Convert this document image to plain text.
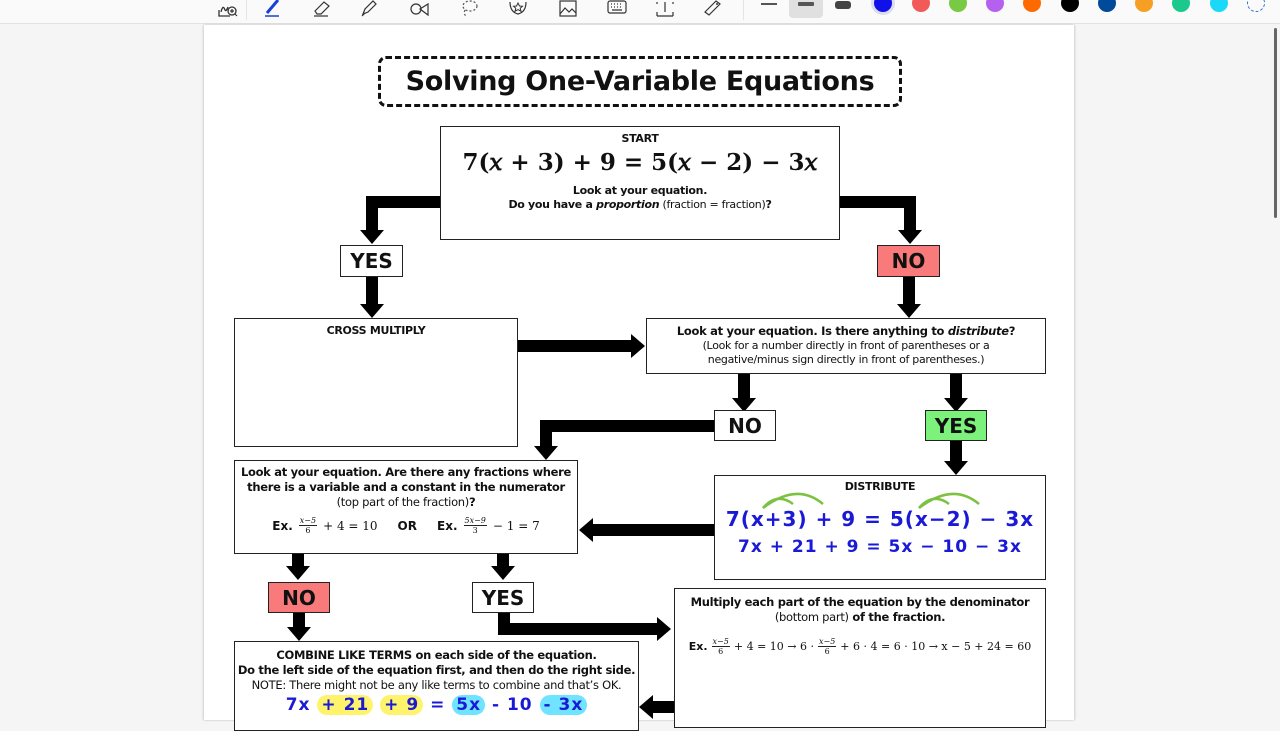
Solving One-Variable Equations
START
7(𝑥 + 3) + 9 = 5(𝑥 − 2) − 3𝑥
Look at your equation.
Do you have a proportion (fraction = fraction)?
YES	NO
CROSS MULTIPLY	Look at your equation. Is there anything to distribute?
(Look for a number directly in front of parentheses or a
negative/minus sign directly in front of parentheses.)
NO	YES
Look at your equation. Are there any fractions where
there is a variable and a constant in the numerator
(top part of the fraction)?
Ex. $\frac{x-5}{6} + 4 = 10$ OR Ex. $\frac{5x-9}{3} - 1 = 7$
DISTRIBUTE
7(x+3) + 9 = 5(x−2) − 3x
7x + 21 + 9 = 5x − 10 − 3x
NO	YES	Multiply each part of the equation by the denominator
(bottom part) of the fraction.
Ex. $\frac{x-5}{6} + 4 = 10 \to 6 \cdot \frac{x-5}{6} + 6 \cdot 4 = 6 \cdot 10 \to x - 5 + 24 = 60$
COMBINE LIKE TERMS on each side of the equation.
Do the left side of the equation first, and then do the right side.
NOTE: There might not be any like terms to combine and that’s OK.
7x + 21 + 9 = 5x - 10 - 3x
